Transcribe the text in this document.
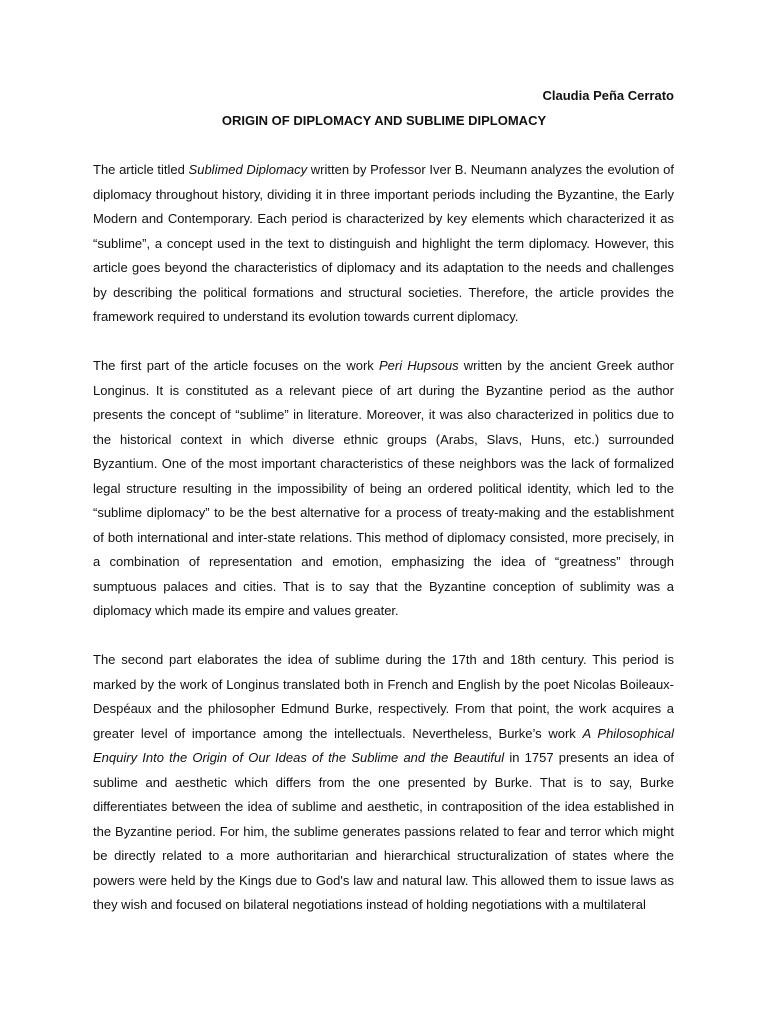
Claudia Peña Cerrato
ORIGIN OF DIPLOMACY AND SUBLIME DIPLOMACY

The article titled Sublimed Diplomacy written by Professor Iver B. Neumann analyzes the evolution of diplomacy throughout history, dividing it in three important periods including the Byzantine, the Early Modern and Contemporary. Each period is characterized by key elements which characterized it as “sublime”, a concept used in the text to distinguish and highlight the term diplomacy. However, this article goes beyond the characteristics of diplomacy and its adaptation to the needs and challenges by describing the political formations and structural societies. Therefore, the article provides the framework required to understand its evolution towards current diplomacy.

The first part of the article focuses on the work Peri Hupsous written by the ancient Greek author Longinus. It is constituted as a relevant piece of art during the Byzantine period as the author presents the concept of “sublime” in literature. Moreover, it was also characterized in politics due to the historical context in which diverse ethnic groups (Arabs, Slavs, Huns, etc.) surrounded Byzantium. One of the most important characteristics of these neighbors was the lack of formalized legal structure resulting in the impossibility of being an ordered political identity, which led to the “sublime diplomacy” to be the best alternative for a process of treaty-making and the establishment of both international and inter-state relations. This method of diplomacy consisted, more precisely, in a combination of representation and emotion, emphasizing the idea of “greatness” through sumptuous palaces and cities. That is to say that the Byzantine conception of sublimity was a diplomacy which made its empire and values greater.

The second part elaborates the idea of sublime during the 17th and 18th century. This period is marked by the work of Longinus translated both in French and English by the poet Nicolas Boileaux-Despéaux and the philosopher Edmund Burke, respectively. From that point, the work acquires a greater level of importance among the intellectuals. Nevertheless, Burke’s work A Philosophical Enquiry Into the Origin of Our Ideas of the Sublime and the Beautiful in 1757 presents an idea of sublime and aesthetic which differs from the one presented by Burke. That is to say, Burke differentiates between the idea of sublime and aesthetic, in contraposition of the idea established in the Byzantine period. For him, the sublime generates passions related to fear and terror which might be directly related to a more authoritarian and hierarchical structuralization of states where the powers were held by the Kings due to God's law and natural law. This allowed them to issue laws as they wish and focused on bilateral negotiations instead of holding negotiations with a multilateral
